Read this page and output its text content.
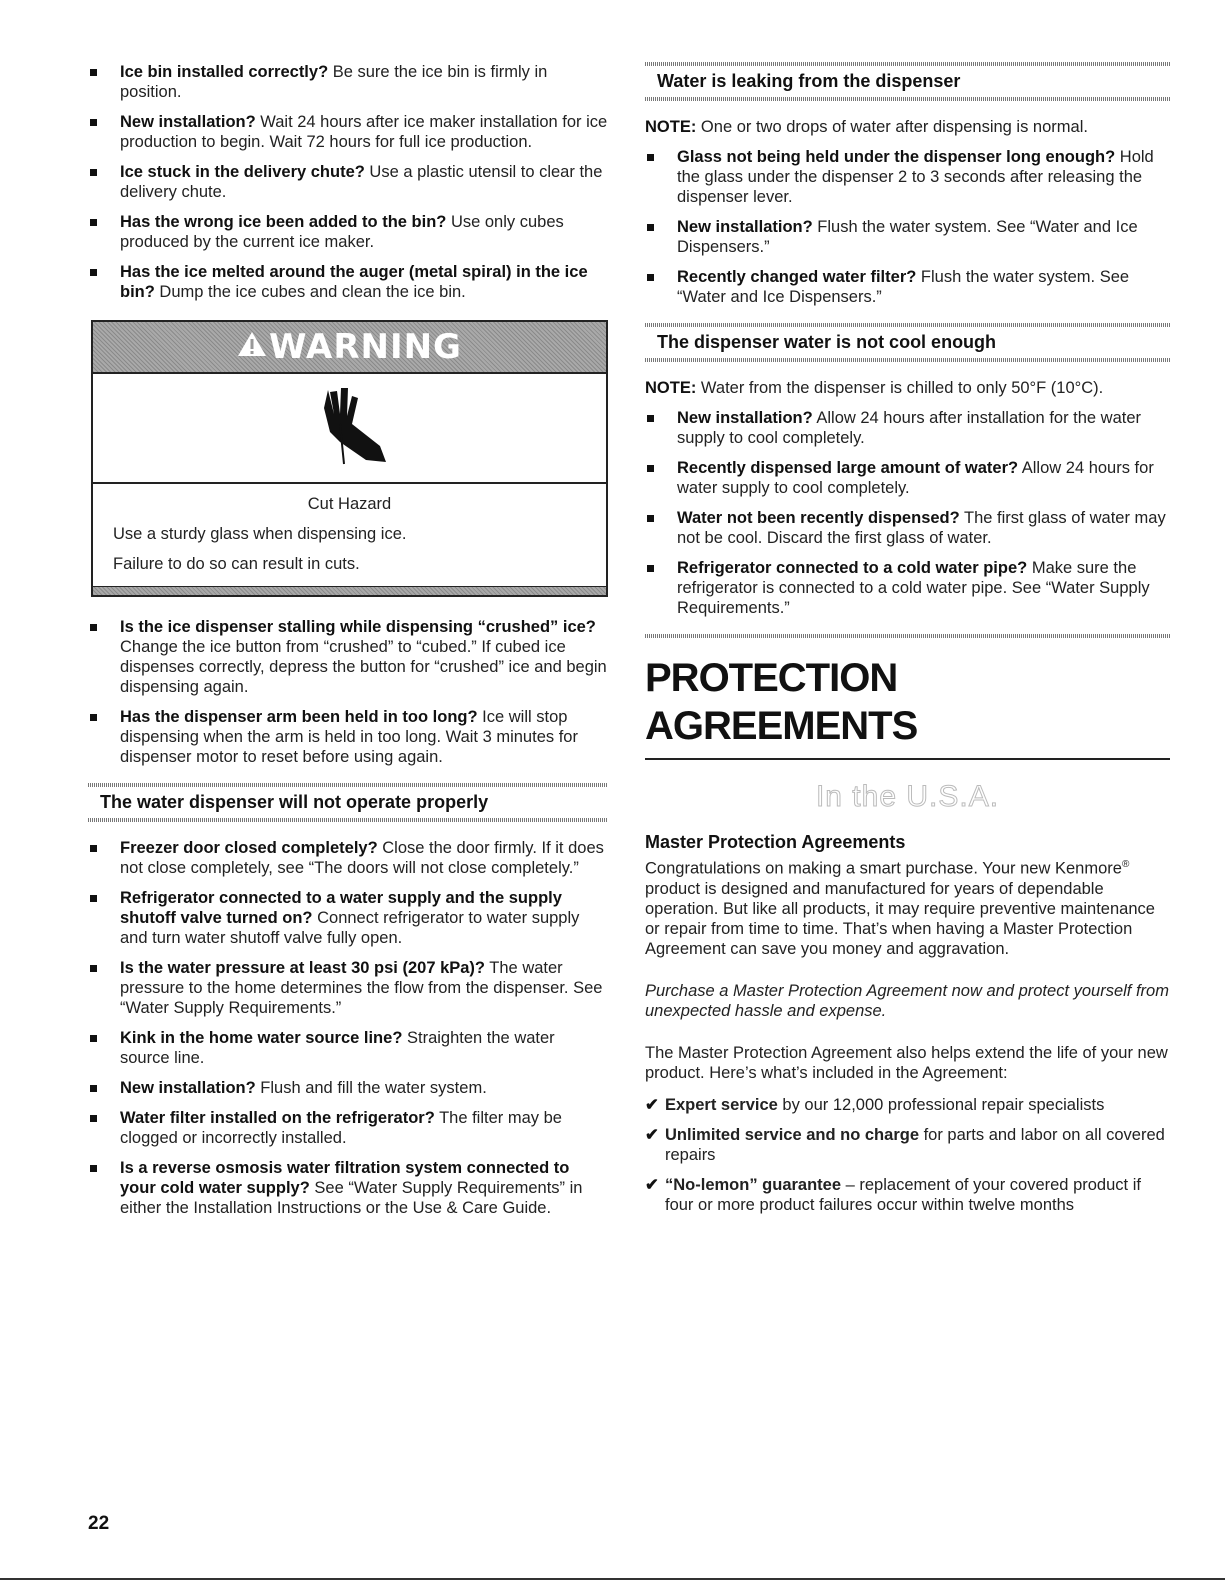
Ice bin installed correctly? Be sure the ice bin is firmly in position.
New installation? Wait 24 hours after ice maker installation for ice production to begin. Wait 72 hours for full ice production.
Ice stuck in the delivery chute? Use a plastic utensil to clear the delivery chute.
Has the wrong ice been added to the bin? Use only cubes produced by the current ice maker.
Has the ice melted around the auger (metal spiral) in the ice bin? Dump the ice cubes and clean the ice bin.
WARNING
Cut Hazard

Use a sturdy glass when dispensing ice.

Failure to do so can result in cuts.

Is the ice dispenser stalling while dispensing “crushed” ice? Change the ice button from “crushed” to “cubed.” If cubed ice dispenses correctly, depress the button for “crushed” ice and begin dispensing again.
Has the dispenser arm been held in too long? Ice will stop dispensing when the arm is held in too long. Wait 3 minutes for dispenser motor to reset before using again.
The water dispenser will not operate properly
Freezer door closed completely? Close the door firmly. If it does not close completely, see “The doors will not close completely.”
Refrigerator connected to a water supply and the supply shutoff valve turned on? Connect refrigerator to water supply and turn water shutoff valve fully open.
Is the water pressure at least 30 psi (207 kPa)? The water pressure to the home determines the flow from the dispenser. See “Water Supply Requirements.”
Kink in the home water source line? Straighten the water source line.
New installation? Flush and fill the water system.
Water filter installed on the refrigerator? The filter may be clogged or incorrectly installed.
Is a reverse osmosis water filtration system connected to your cold water supply? See “Water Supply Requirements” in either the Installation Instructions or the Use & Care Guide.
Water is leaking from the dispenser

NOTE: One or two drops of water after dispensing is normal.

Glass not being held under the dispenser long enough? Hold the glass under the dispenser 2 to 3 seconds after releasing the dispenser lever.
New installation? Flush the water system. See “Water and Ice Dispensers.”
Recently changed water filter? Flush the water system. See “Water and Ice Dispensers.”
The dispenser water is not cool enough

NOTE: Water from the dispenser is chilled to only 50°F (10°C).

New installation? Allow 24 hours after installation for the water supply to cool completely.
Recently dispensed large amount of water? Allow 24 hours for water supply to cool completely.
Water not been recently dispensed? The first glass of water may not be cool. Discard the first glass of water.
Refrigerator connected to a cold water pipe? Make sure the refrigerator is connected to a cold water pipe. See “Water Supply Requirements.”
PROTECTION AGREEMENTS
In the U.S.A.
Master Protection Agreements

Congratulations on making a smart purchase. Your new Kenmore® product is designed and manufactured for years of dependable operation. But like all products, it may require preventive maintenance or repair from time to time. That’s when having a Master Protection Agreement can save you money and aggravation.

Purchase a Master Protection Agreement now and protect yourself from unexpected hassle and expense.

The Master Protection Agreement also helps extend the life of your new product. Here’s what’s included in the Agreement:

✔ Expert service by our 12,000 professional repair specialists
✔ Unlimited service and no charge for parts and labor on all covered repairs
✔ “No-lemon” guarantee – replacement of your covered product if four or more product failures occur within twelve months
22
